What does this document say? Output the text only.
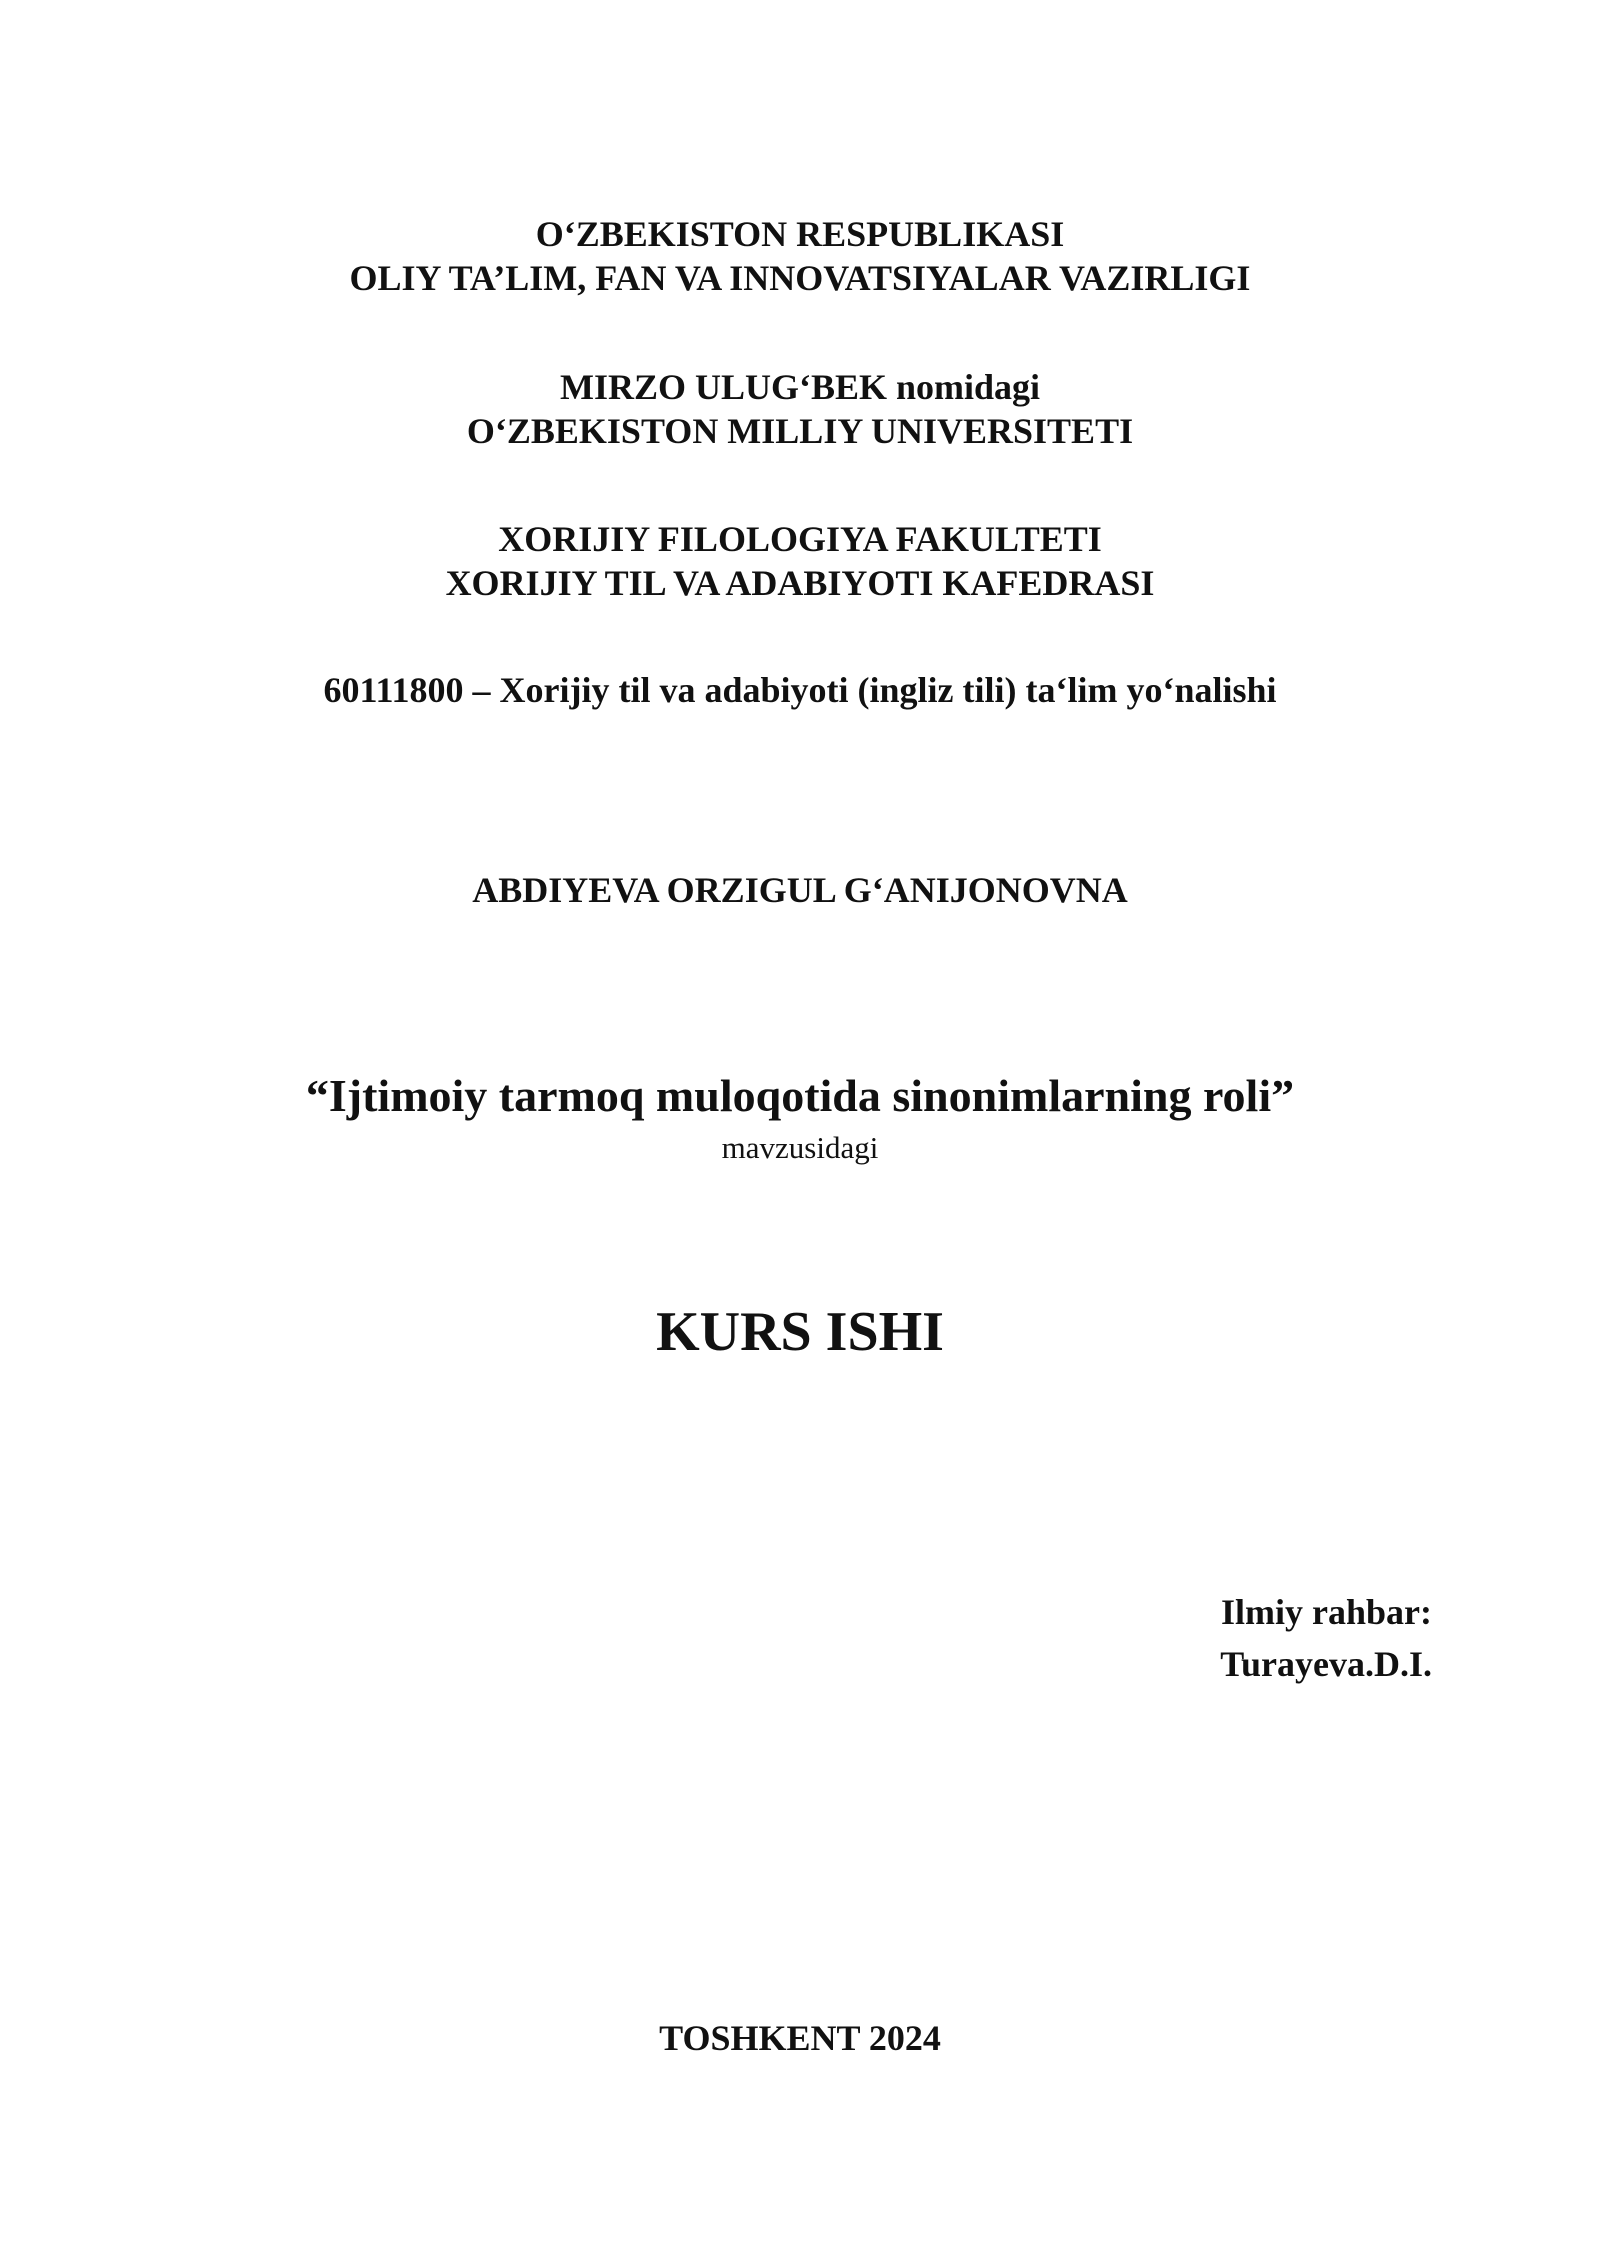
O‘ZBEKISTON RESPUBLIKASI
OLIY TA’LIM, FAN VA INNOVATSIYALAR VAZIRLIGI
MIRZO ULUG‘BEK nomidagi
O‘ZBEKISTON MILLIY UNIVERSITETI
XORIJIY FILOLOGIYA FAKULTETI
XORIJIY TIL VA ADABIYOTI KAFEDRASI
60111800 – Xorijiy til va adabiyoti (ingliz tili) ta‘lim yo‘nalishi
ABDIYEVA ORZIGUL G‘ANIJONOVNA
“Ijtimoiy tarmoq muloqotida sinonimlarning roli”
mavzusidagi
KURS ISHI
Ilmiy rahbar:
Turayeva.D.I.
TOSHKENT 2024
